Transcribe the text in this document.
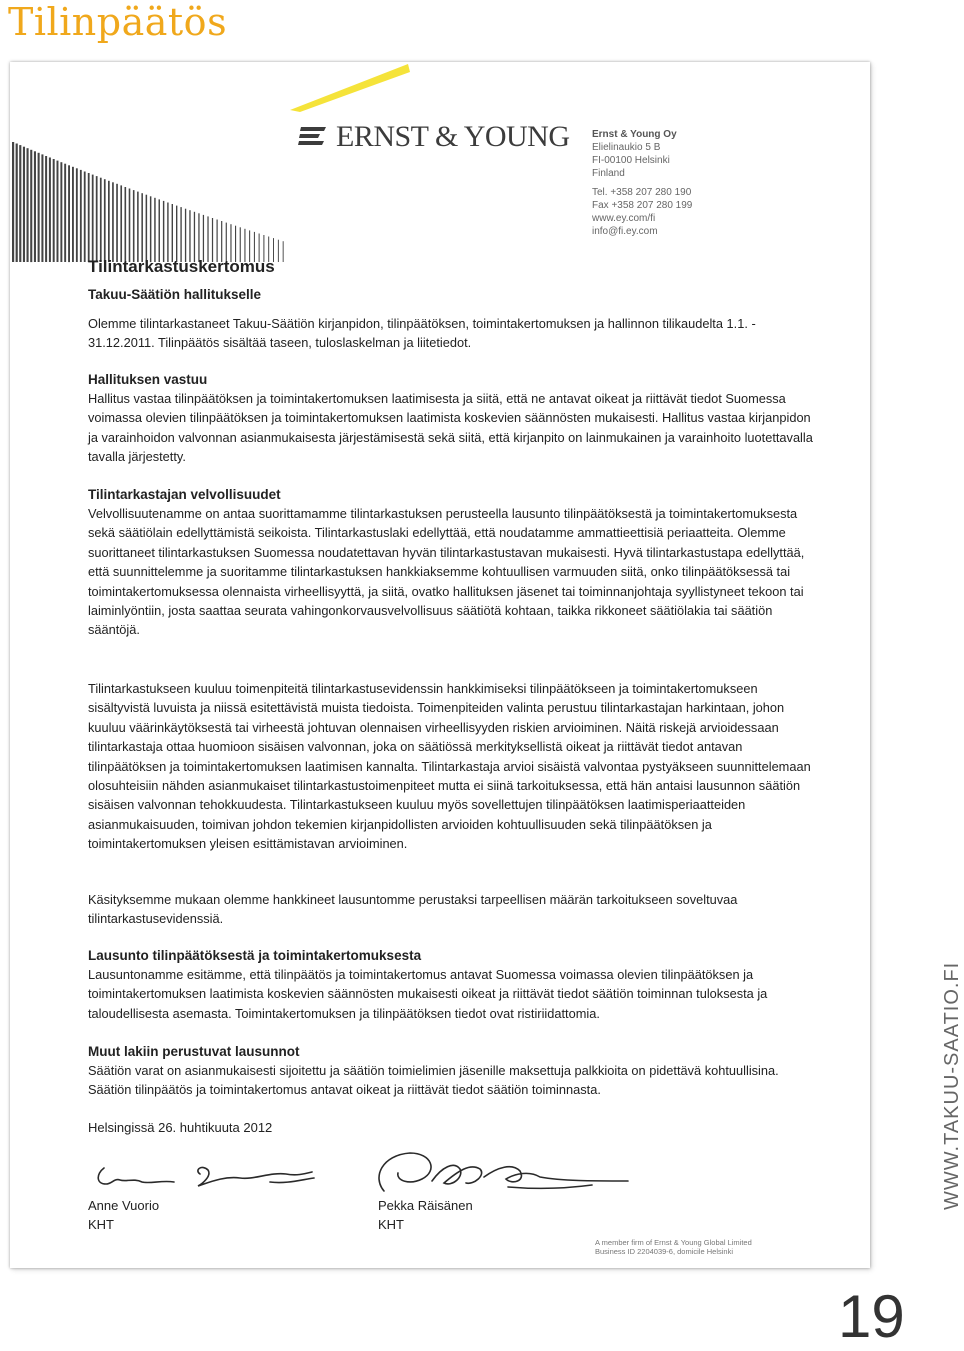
Tilinpäätös
ERNST & YOUNG Ernst & Young Oy
Elielinaukio 5 B
FI-00100 Helsinki
Finland
Tel. +358 207 280 190
Fax +358 207 280 199
www.ey.com/fi
info@fi.ey.com
Tilintarkastuskertomus
Takuu-Säätiön hallitukselle

Olemme tilintarkastaneet Takuu-Säätiön kirjanpidon, tilinpäätöksen, toimintakertomuksen ja hallinnon tilikaudelta 1.1. - 31.12.2011. Tilinpäätös sisältää taseen, tuloslaskelman ja liitetiedot.

Hallituksen vastuu

Hallitus vastaa tilinpäätöksen ja toimintakertomuksen laatimisesta ja siitä, että ne antavat oikeat ja riittävät tiedot Suomessa voimassa olevien tilinpäätöksen ja toimintakertomuksen laatimista koskevien säännösten mukaisesti. Hallitus vastaa kirjanpidon ja varainhoidon valvonnan asianmukaisesta järjestämisestä sekä siitä, että kirjanpito on lainmukainen ja varainhoito luotettavalla tavalla järjestetty.

Tilintarkastajan velvollisuudet

Velvollisuutenamme on antaa suorittamamme tilintarkastuksen perusteella lausunto tilinpäätöksestä ja toimintakertomuksesta sekä säätiölain edellyttämistä seikoista. Tilintarkastuslaki edellyttää, että noudatamme ammattieettisiä periaatteita. Olemme suorittaneet tilintarkastuksen Suomessa noudatettavan hyvän tilintarkastustavan mukaisesti. Hyvä tilintarkastustapa edellyttää, että suunnittelemme ja suoritamme tilintarkastuksen hankkiaksemme kohtuullisen varmuuden siitä, onko tilinpäätöksessä tai toimintakertomuksessa olennaista virheellisyyttä, ja siitä, ovatko hallituksen jäsenet tai toiminnanjohtaja syyllistyneet tekoon tai laiminlyöntiin, josta saattaa seurata vahingonkorvausvelvollisuus säätiötä kohtaan, taikka rikkoneet säätiölakia tai säätiön sääntöjä.

Tilintarkastukseen kuuluu toimenpiteitä tilintarkastusevidenssin hankkimiseksi tilinpäätökseen ja toimintakertomukseen sisältyvistä luvuista ja niissä esitettävistä muista tiedoista. Toimenpiteiden valinta perustuu tilintarkastajan harkintaan, johon kuuluu väärinkäytöksestä tai virheestä johtuvan olennaisen virheellisyyden riskien arvioiminen. Näitä riskejä arvioidessaan tilintarkastaja ottaa huomioon sisäisen valvonnan, joka on säätiössä merkityksellistä oikeat ja riittävät tiedot antavan tilinpäätöksen ja toimintakertomuksen laatimisen kannalta. Tilintarkastaja arvioi sisäistä valvontaa pystyäkseen suunnittelemaan olosuhteisiin nähden asianmukaiset tilintarkastustoimenpiteet mutta ei siinä tarkoituksessa, että hän antaisi lausunnon säätiön sisäisen valvonnan tehokkuudesta. Tilintarkastukseen kuuluu myös sovellettujen tilinpäätöksen laatimisperiaatteiden asianmukaisuuden, toimivan johdon tekemien kirjanpidollisten arvioiden kohtuullisuuden sekä tilinpäätöksen ja toimintakertomuksen yleisen esittämistavan arvioiminen.

Käsityksemme mukaan olemme hankkineet lausuntomme perustaksi tarpeellisen määrän tarkoitukseen soveltuvaa tilintarkastusevidenssiä.

Lausunto tilinpäätöksestä ja toimintakertomuksesta

Lausuntonamme esitämme, että tilinpäätös ja toimintakertomus antavat Suomessa voimassa olevien tilinpäätöksen ja toimintakertomuksen laatimista koskevien säännösten mukaisesti oikeat ja riittävät tiedot säätiön toiminnan tuloksesta ja taloudellisesta asemasta. Toimintakertomuksen ja tilinpäätöksen tiedot ovat ristiriidattomia.

Muut lakiin perustuvat lausunnot

Säätiön varat on asianmukaisesti sijoitettu ja säätiön toimielimien jäsenille maksettuja palkkioita on pidettävä kohtuullisina. Säätiön tilinpäätös ja toimintakertomus antavat oikeat ja riittävät tiedot säätiön toiminnasta.

Helsingissä 26. huhtikuuta 2012
Anne Vuorio
KHT
Pekka Räisänen
KHT
A member firm of Ernst & Young Global Limited
Business ID 2204039-6, domicile Helsinki
WWW.TAKUU-SAATIO.FI
19
